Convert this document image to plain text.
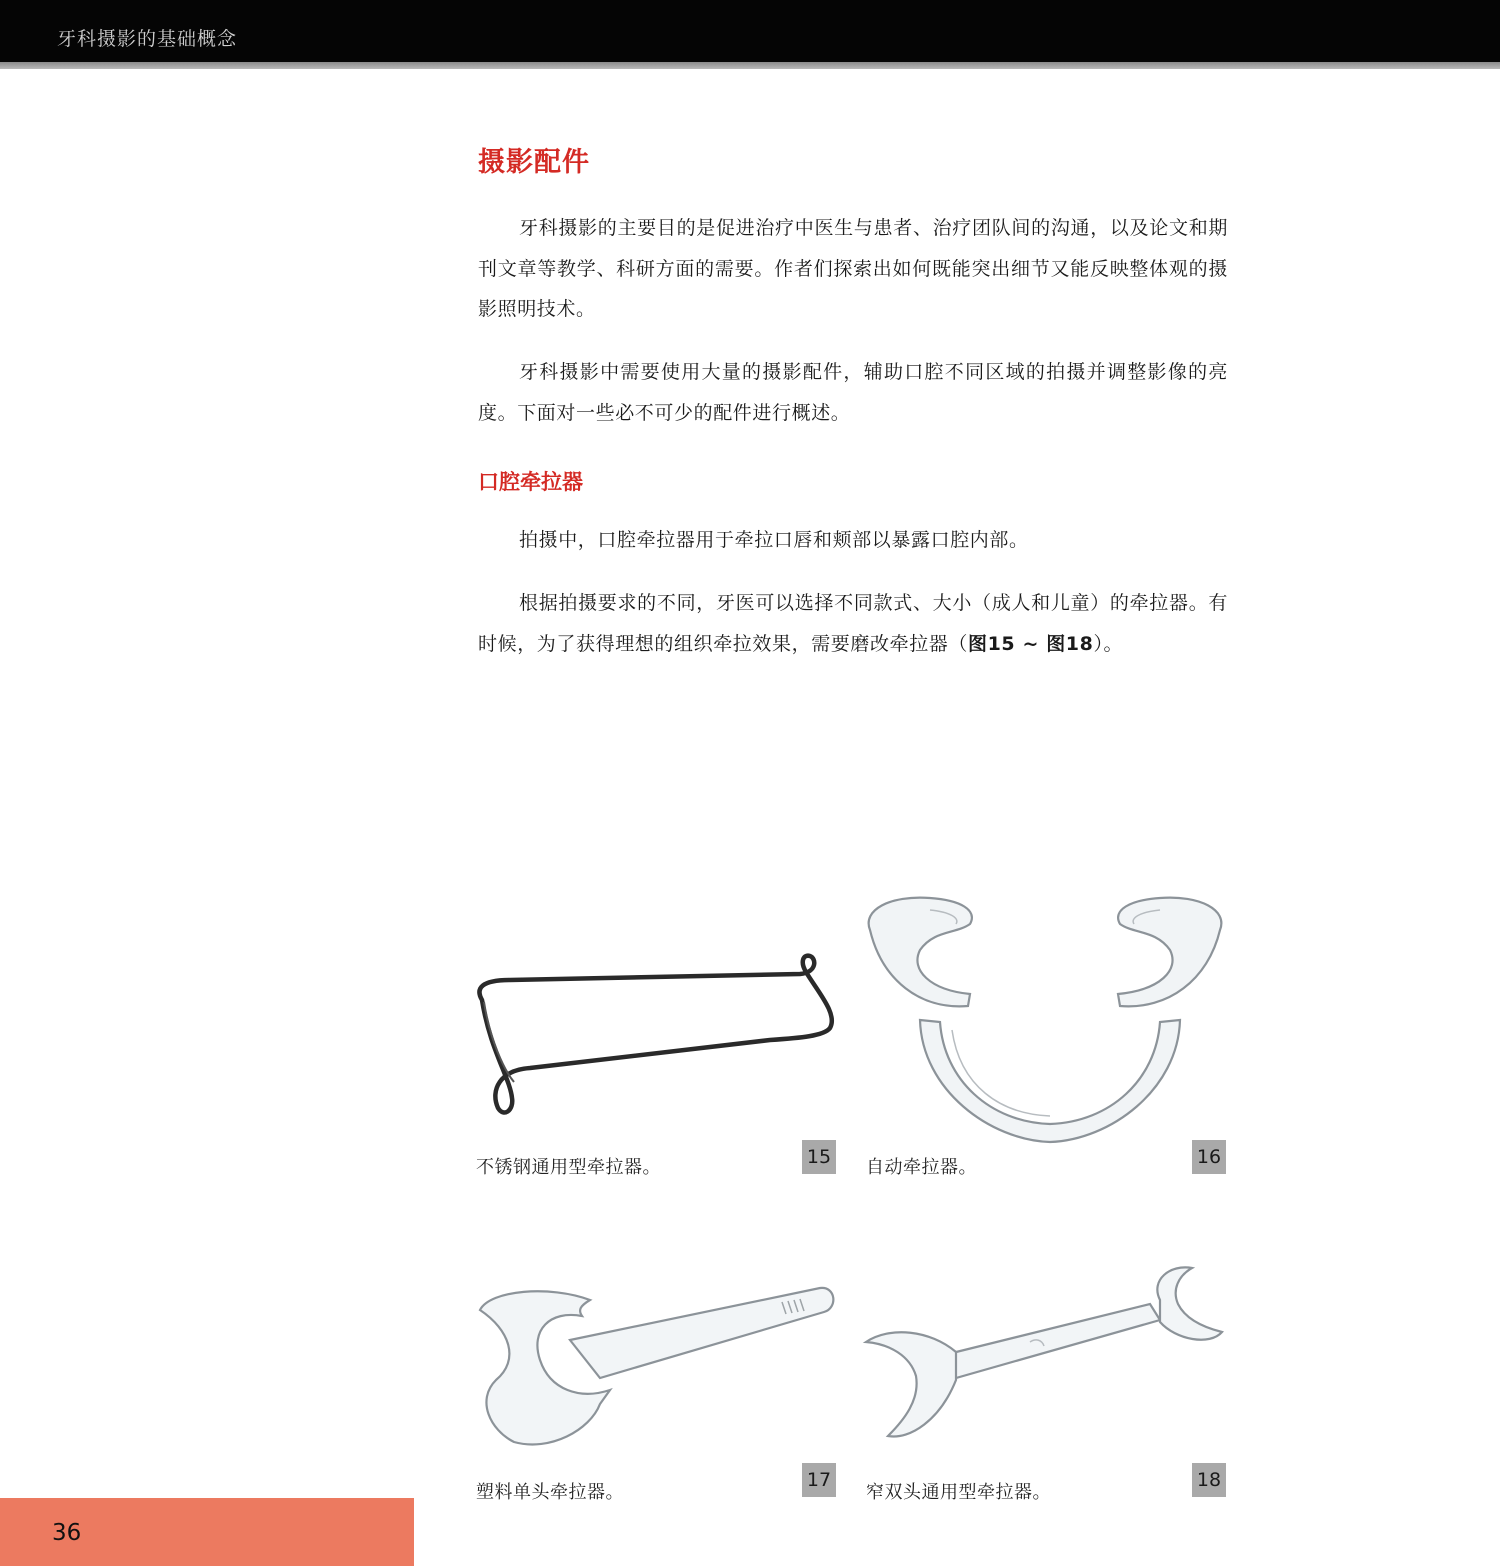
牙科摄影的基础概念
摄影配件

牙科摄影的主要目的是促进治疗中医生与患者、治疗团队间的沟通，以及论文和期刊文章等教学、科研方面的需要。作者们探索出如何既能突出细节又能反映整体观的摄影照明技术。

牙科摄影中需要使用大量的摄影配件，辅助口腔不同区域的拍摄并调整影像的亮度。下面对一些必不可少的配件进行概述。

口腔牵拉器

拍摄中，口腔牵拉器用于牵拉口唇和颊部以暴露口腔内部。

根据拍摄要求的不同，牙医可以选择不同款式、大小（成人和儿童）的牵拉器。有时候，为了获得理想的组织牵拉效果，需要磨改牵拉器（图15 ~ 图18）。

不锈钢通用型牵拉器。	15 自动牵拉器。	16
塑料单头牵拉器。
17
窄双头通用型牵拉器。
18
36
